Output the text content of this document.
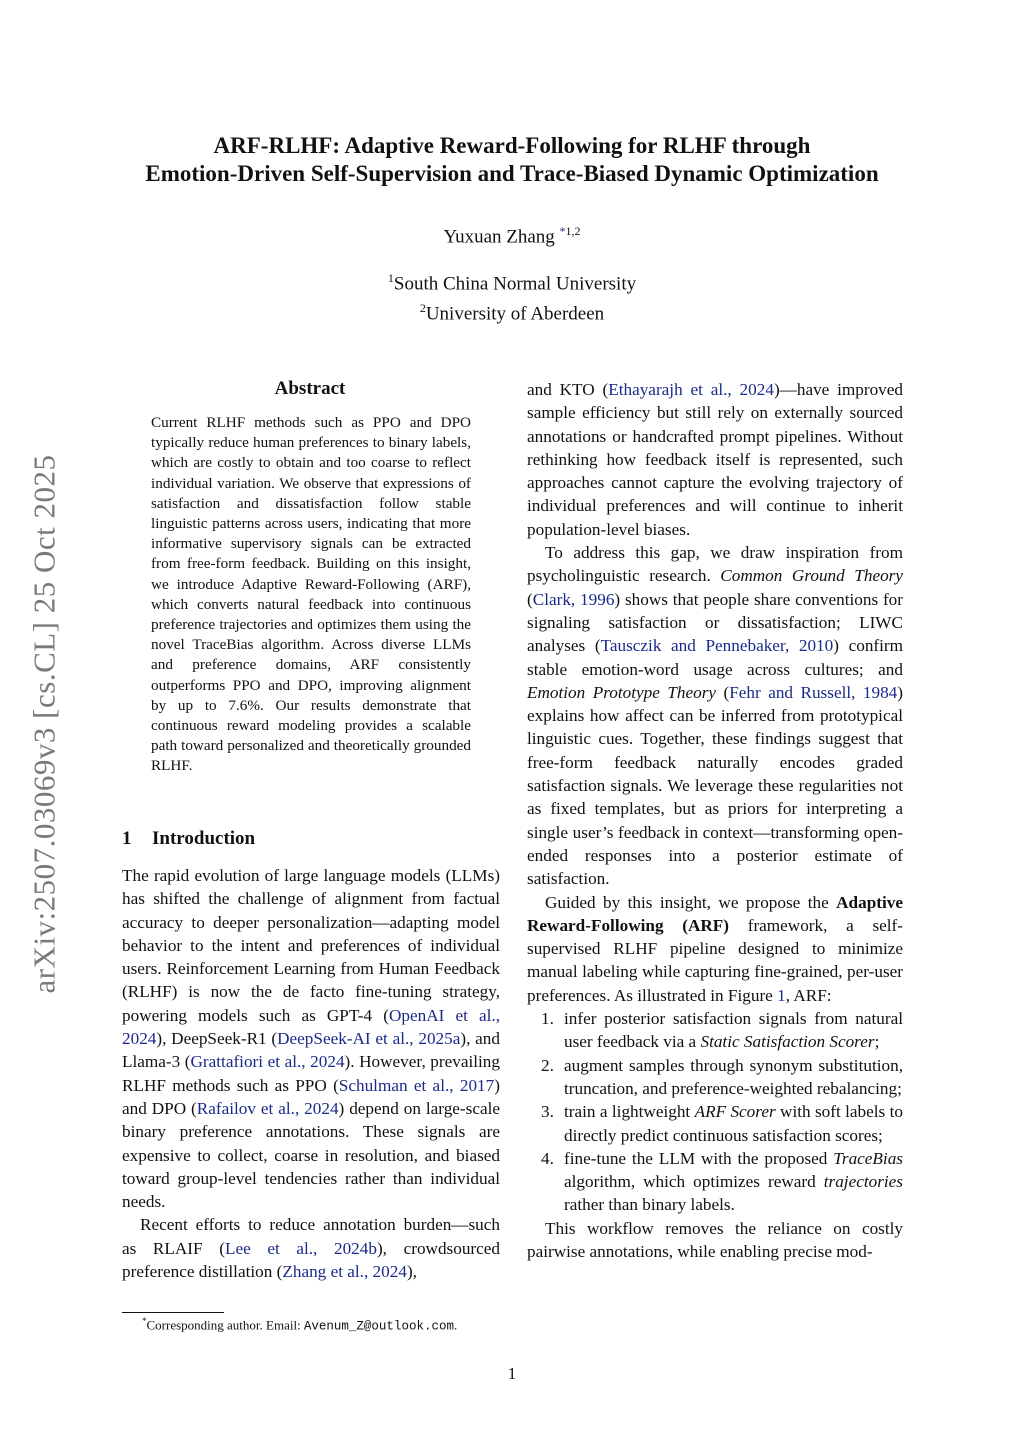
arXiv:2507.03069v3 [cs.CL] 25 Oct 2025
ARF-RLHF: Adaptive Reward-Following for RLHF through
Emotion-Driven Self-Supervision and Trace-Biased Dynamic Optimization
Yuxuan Zhang $^{*1,2}$
$^1$South China Normal University
$^2$University of Aberdeen
Abstract

Current RLHF methods such as PPO and DPO typically reduce human preferences to binary labels, which are costly to obtain and too coarse to reflect individual variation. We observe that expressions of satisfaction and dissatisfaction follow stable linguistic patterns across users, indicating that more informative supervisory signals can be extracted from free-form feedback. Building on this insight, we introduce Adaptive Reward-Following (ARF), which converts natural feedback into continuous preference trajectories and optimizes them using the novel TraceBias algorithm. Across diverse LLMs and preference domains, ARF consistently outperforms PPO and DPO, improving alignment by up to 7.6%. Our results demonstrate that continuous reward modeling provides a scalable path toward personalized and theoretically grounded RLHF.

1 Introduction

The rapid evolution of large language models (LLMs) has shifted the challenge of alignment from factual accuracy to deeper personalization—adapting model behavior to the intent and preferences of individual users. Reinforcement Learning from Human Feedback (RLHF) is now the de facto fine-tuning strategy, powering models such as GPT-4 (OpenAI et al., 2024), DeepSeek-R1 (DeepSeek-AI et al., 2025a), and Llama-3 (Grattafiori et al., 2024). However, prevailing RLHF methods such as PPO (Schulman et al., 2017) and DPO (Rafailov et al., 2024) depend on large-scale binary preference annotations. These signals are expensive to collect, coarse in resolution, and biased toward group-level tendencies rather than individual needs.

Recent efforts to reduce annotation burden—such as RLAIF (Lee et al., 2024b), crowdsourced preference distillation (Zhang et al., 2024),

and KTO (Ethayarajh et al., 2024)—have improved sample efficiency but still rely on externally sourced annotations or handcrafted prompt pipelines. Without rethinking how feedback itself is represented, such approaches cannot capture the evolving trajectory of individual preferences and will continue to inherit population-level biases.

To address this gap, we draw inspiration from psycholinguistic research. Common Ground Theory (Clark, 1996) shows that people share conventions for signaling satisfaction or dissatisfaction; LIWC analyses (Tausczik and Pennebaker, 2010) confirm stable emotion-word usage across cultures; and Emotion Prototype Theory (Fehr and Russell, 1984) explains how affect can be inferred from prototypical linguistic cues. Together, these findings suggest that free-form feedback naturally encodes graded satisfaction signals. We leverage these regularities not as fixed templates, but as priors for interpreting a single user’s feedback in context—transforming open-ended responses into a posterior estimate of satisfaction.

Guided by this insight, we propose the Adaptive Reward-Following (ARF) framework, a self-supervised RLHF pipeline designed to minimize manual labeling while capturing fine-grained, per-user preferences. As illustrated in Figure 1, ARF:

1. infer posterior satisfaction signals from natural user feedback via a Static Satisfaction Scorer;
2. augment samples through synonym substitution, truncation, and preference-weighted rebalancing;
3. train a lightweight ARF Scorer with soft labels to directly predict continuous satisfaction scores;
4. fine-tune the LLM with the proposed TraceBias algorithm, which optimizes reward trajectories rather than binary labels.

This workflow removes the reliance on costly pairwise annotations, while enabling precise mod-

*Corresponding author. Email: Avenum_Z@outlook.com.
1
